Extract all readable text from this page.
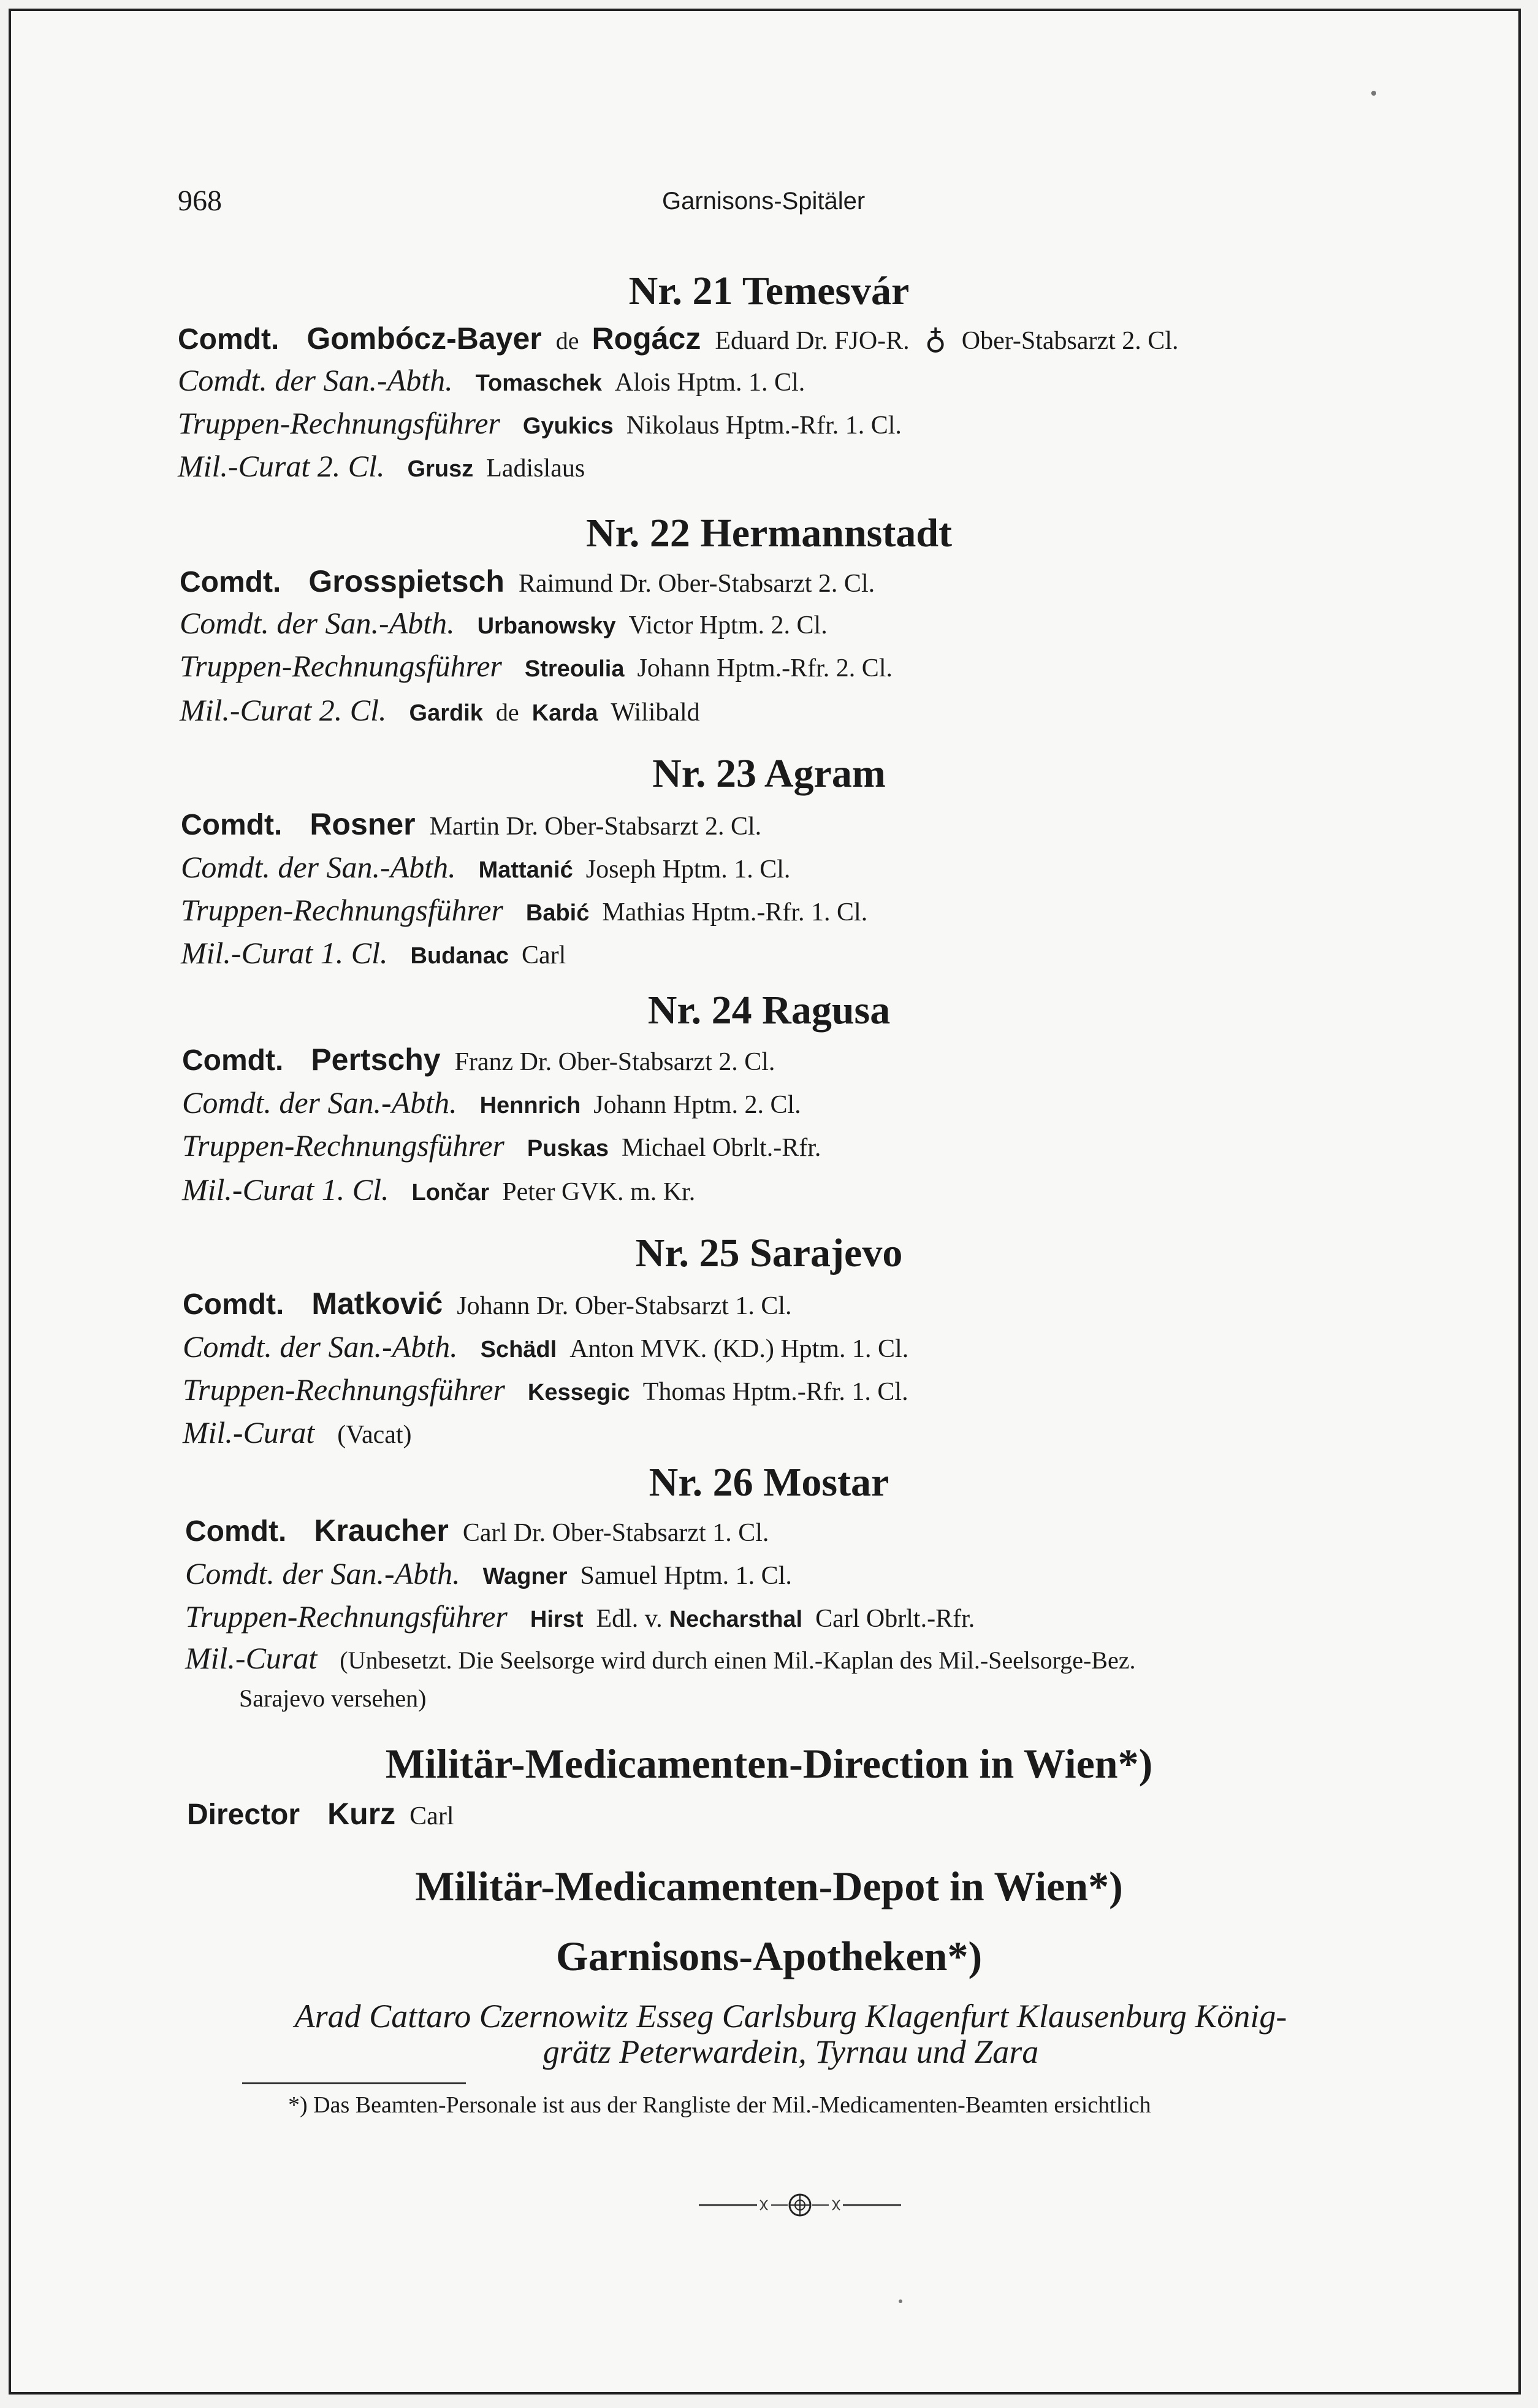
968	Garnisons-Spitäler
Nr. 21 Temesvár
Comdt. Gombócz-Bayer de Rogácz Eduard Dr. FJO-R. ♁ Ober-Stabsarzt 2. Cl.
Comdt. der San.-Abth. Tomaschek Alois Hptm. 1. Cl.
Truppen-Rechnungsführer Gyukics Nikolaus Hptm.-Rfr. 1. Cl.
Mil.-Curat 2. Cl. Grusz Ladislaus
Nr. 22 Hermannstadt
Comdt. Grosspietsch Raimund Dr. Ober-Stabsarzt 2. Cl.
Comdt. der San.-Abth. Urbanowsky Victor Hptm. 2. Cl.
Truppen-Rechnungsführer Streoulia Johann Hptm.-Rfr. 2. Cl.
Mil.-Curat 2. Cl. Gardik de Karda Wilibald
Nr. 23 Agram
Comdt. Rosner Martin Dr. Ober-Stabsarzt 2. Cl.
Comdt. der San.-Abth. Mattanić Joseph Hptm. 1. Cl.
Truppen-Rechnungsführer Babić Mathias Hptm.-Rfr. 1. Cl.
Mil.-Curat 1. Cl. Budanac Carl
Nr. 24 Ragusa
Comdt. Pertschy Franz Dr. Ober-Stabsarzt 2. Cl.
Comdt. der San.-Abth. Hennrich Johann Hptm. 2. Cl.
Truppen-Rechnungsführer Puskas Michael Obrlt.-Rfr.
Mil.-Curat 1. Cl. Lončar Peter GVK. m. Kr.
Nr. 25 Sarajevo
Comdt. Matković Johann Dr. Ober-Stabsarzt 1. Cl.
Comdt. der San.-Abth. Schädl Anton MVK. (KD.) Hptm. 1. Cl.
Truppen-Rechnungsführer Kessegic Thomas Hptm.-Rfr. 1. Cl.
Mil.-Curat (Vacat)
Nr. 26 Mostar
Comdt. Kraucher Carl Dr. Ober-Stabsarzt 1. Cl.
Comdt. der San.-Abth. Wagner Samuel Hptm. 1. Cl.
Truppen-Rechnungsführer Hirst Edl. v. Necharsthal Carl Obrlt.-Rfr.
Mil.-Curat (Unbesetzt. Die Seelsorge wird durch einen Mil.-Kaplan des Mil.-Seelsorge-Bez.
Sarajevo versehen)
Militär-Medicamenten-Direction in Wien*)
Director Kurz Carl
Militär-Medicamenten-Depot in Wien*)
Garnisons-Apotheken*)

Arad Cattaro Czernowitz Esseg Carlsburg Klagenfurt Klausenburg König-

grätz Peterwardein, Tyrnau und Zara

*) Das Beamten-Personale ist aus der Rangliste der Mil.-Medicamenten-Beamten ersichtlich
